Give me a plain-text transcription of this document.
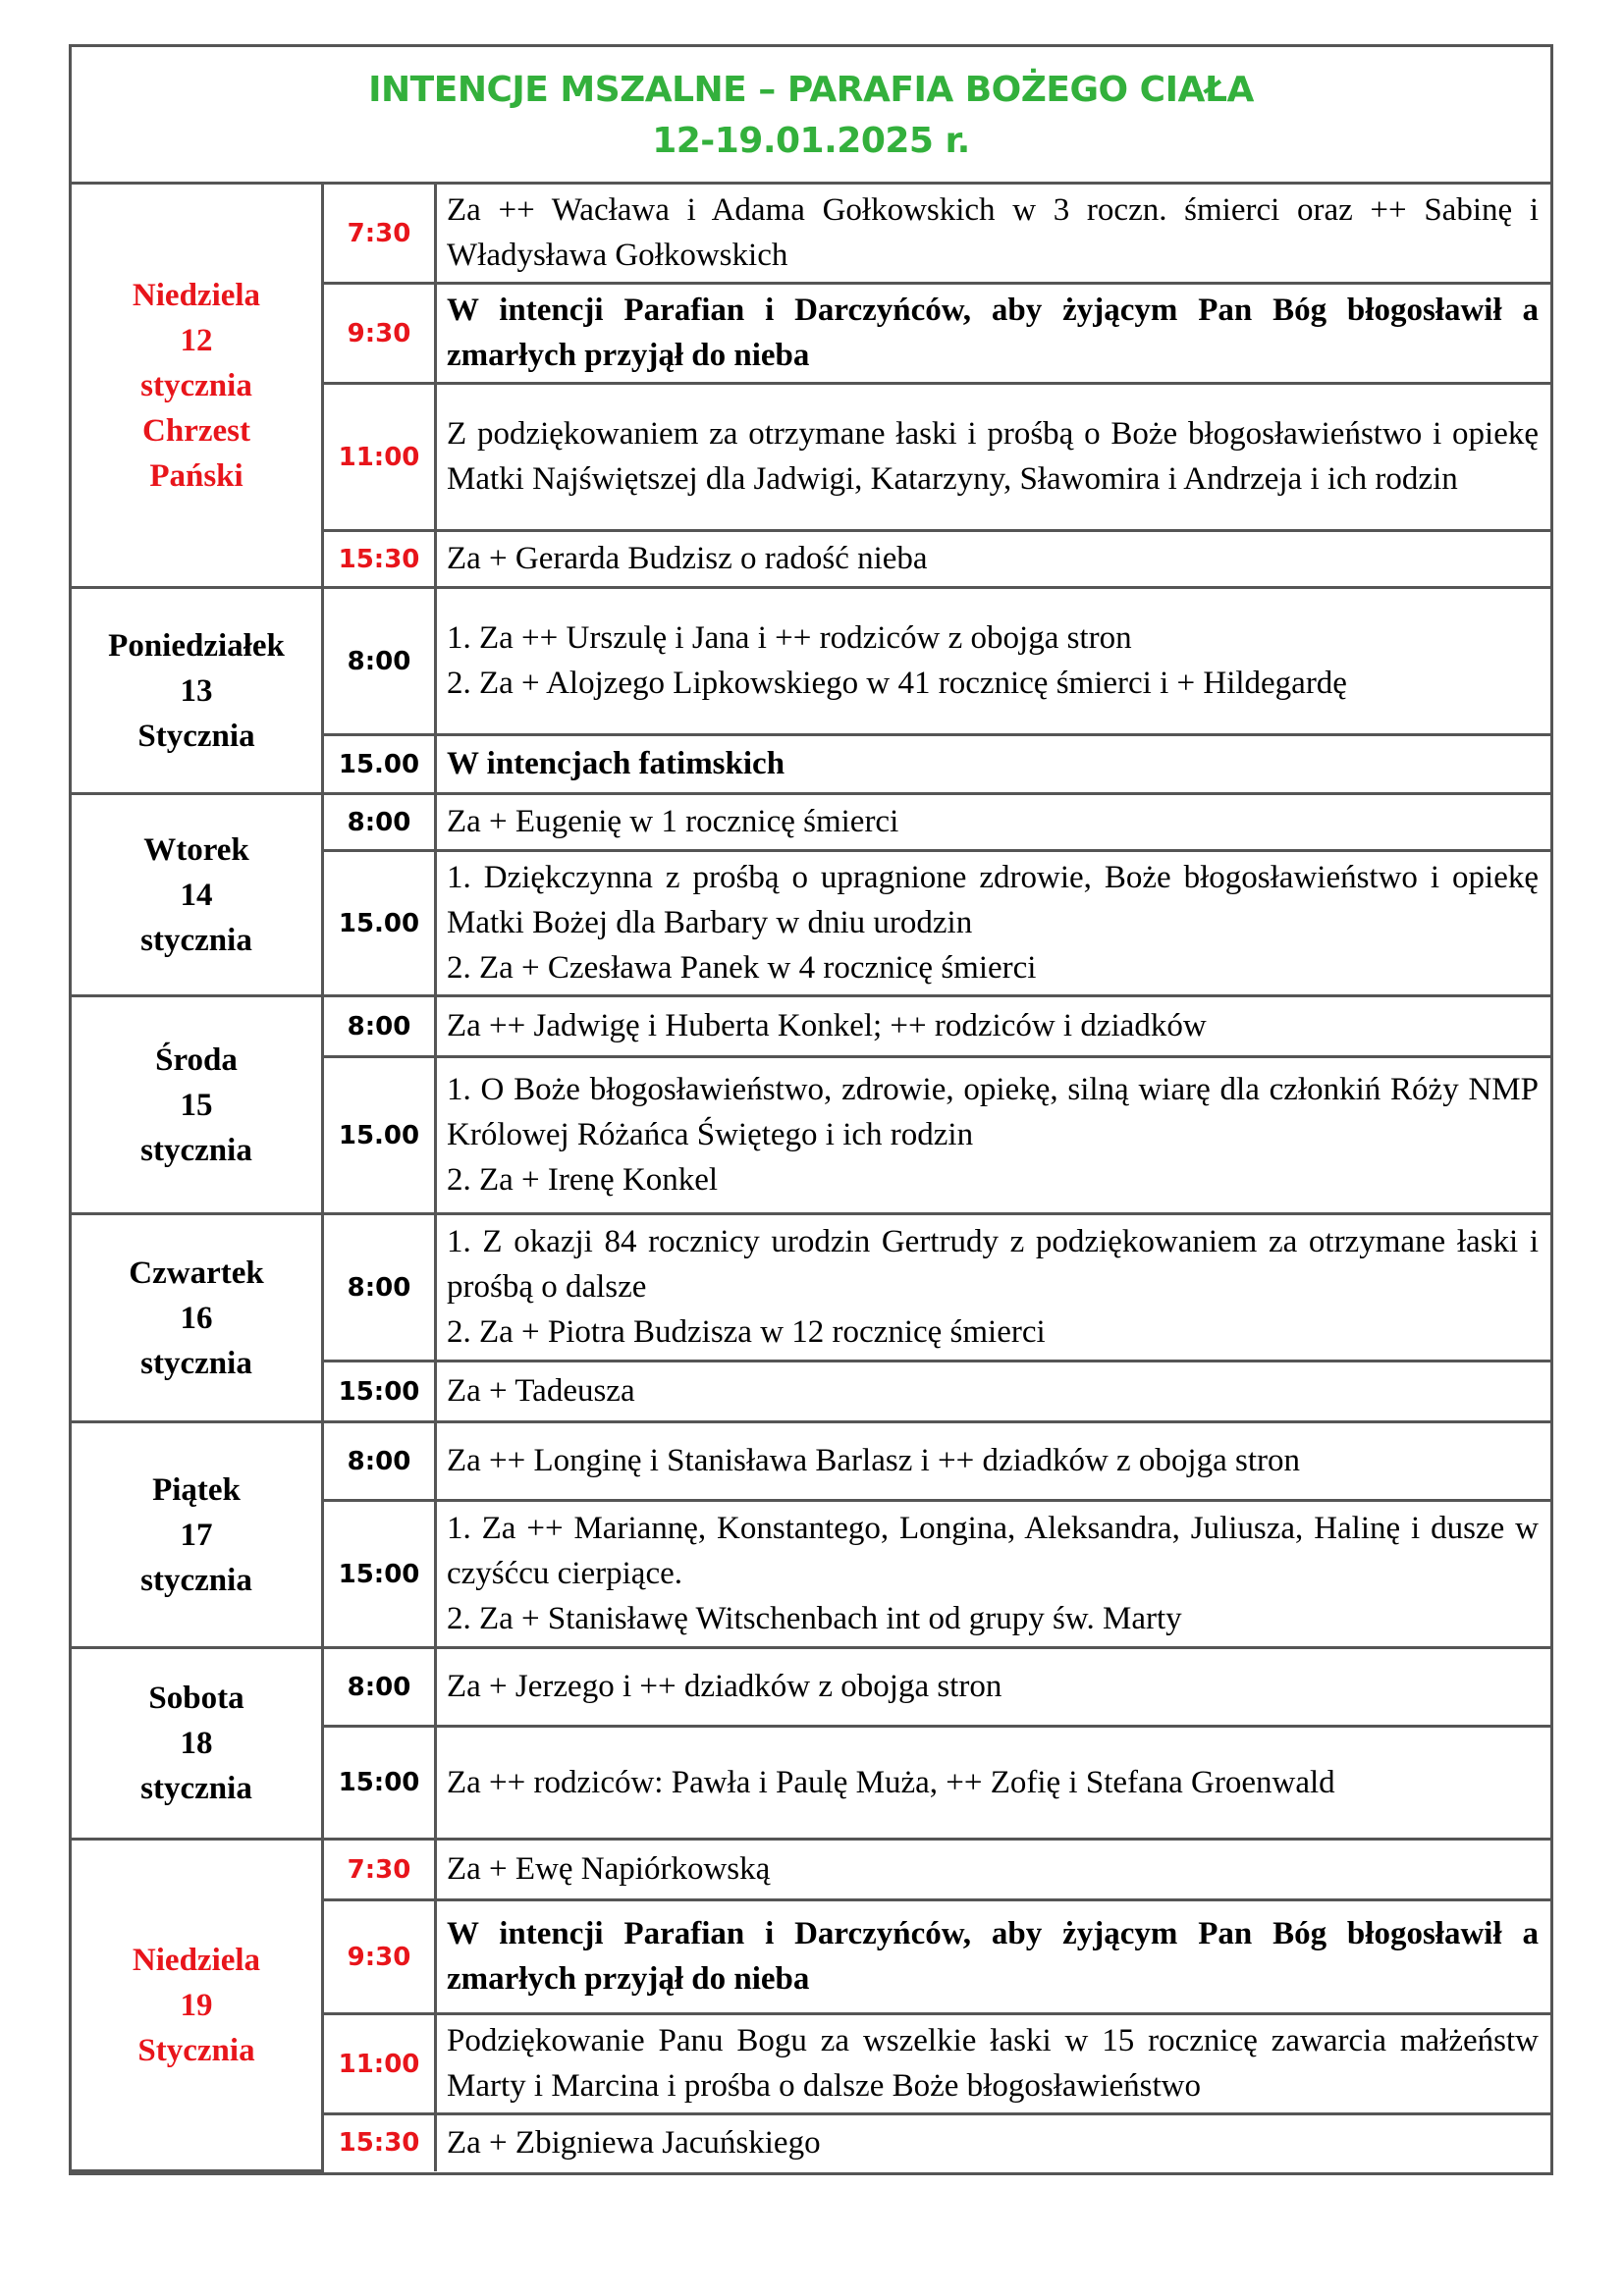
INTENCJE MSZALNE – PARAFIA BOŻEGO CIAŁA
12-19.01.2025 r.
Niedziela
12
stycznia
Chrzest
Pański	7:30	Za ++ Wacława i Adama Gołkowskich w 3 roczn. śmierci oraz ++ Sabinę i Władysława Gołkowskich

	9:30	W intencji Parafian i Darczyńców, aby żyjącym Pan Bóg błogosławił a zmarłych przyjął do nieba

	11:00	Z podziękowaniem za otrzymane łaski i prośbą o Boże błogosławieństwo i opiekę Matki Najświętszej dla Jadwigi, Katarzyny, Sławomira i Andrzeja i ich rodzin

	15:30	Za + Gerarda Budzisz o radość nieba

Poniedziałek
13
Stycznia	8:00	1. Za ++ Urszulę i Jana i ++ rodziców z obojga stron
2. Za + Alojzego Lipkowskiego w 41 rocznicę śmierci i + Hildegardę

	15.00	W intencjach fatimskich

Wtorek
14
stycznia	8:00	Za + Eugenię w 1 rocznicę śmierci

	15.00	1. Dziękczynna z prośbą o upragnione zdrowie, Boże błogosławieństwo i opiekę Matki Bożej dla Barbary w dniu urodzin
2. Za + Czesława Panek w 4 rocznicę śmierci

Środa
15
stycznia	8:00	Za ++ Jadwigę i Huberta Konkel; ++ rodziców i dziadków

	15.00	1. O Boże błogosławieństwo, zdrowie, opiekę, silną wiarę dla członkiń Róży NMP Królowej Różańca Świętego i ich rodzin
2. Za + Irenę Konkel

Czwartek
16
stycznia	8:00	1. Z okazji 84 rocznicy urodzin Gertrudy z podziękowaniem za otrzymane łaski i prośbą o dalsze
2. Za + Piotra Budzisza w 12 rocznicę śmierci

	15:00	Za + Tadeusza

Piątek
17
stycznia	8:00	Za ++ Longinę i Stanisława Barlasz i ++ dziadków z obojga stron

	15:00	1. Za ++ Mariannę, Konstantego, Longina, Aleksandra, Juliusza, Halinę i dusze w czyśćcu cierpiące.
2. Za + Stanisławę Witschenbach int od grupy św. Marty

Sobota
18
stycznia	8:00	Za + Jerzego i ++ dziadków z obojga stron

	15:00	Za ++ rodziców: Pawła i Paulę Muża, ++ Zofię i Stefana Groenwald

Niedziela
19
Stycznia	7:30	Za + Ewę Napiórkowską

	9:30	W intencji Parafian i Darczyńców, aby żyjącym Pan Bóg błogosławił a zmarłych przyjął do nieba

	11:00	Podziękowanie Panu Bogu za wszelkie łaski w 15 rocznicę zawarcia małżeństw Marty i Marcina i prośba o dalsze Boże błogosławieństwo

	15:30	Za + Zbigniewa Jacuńskiego
